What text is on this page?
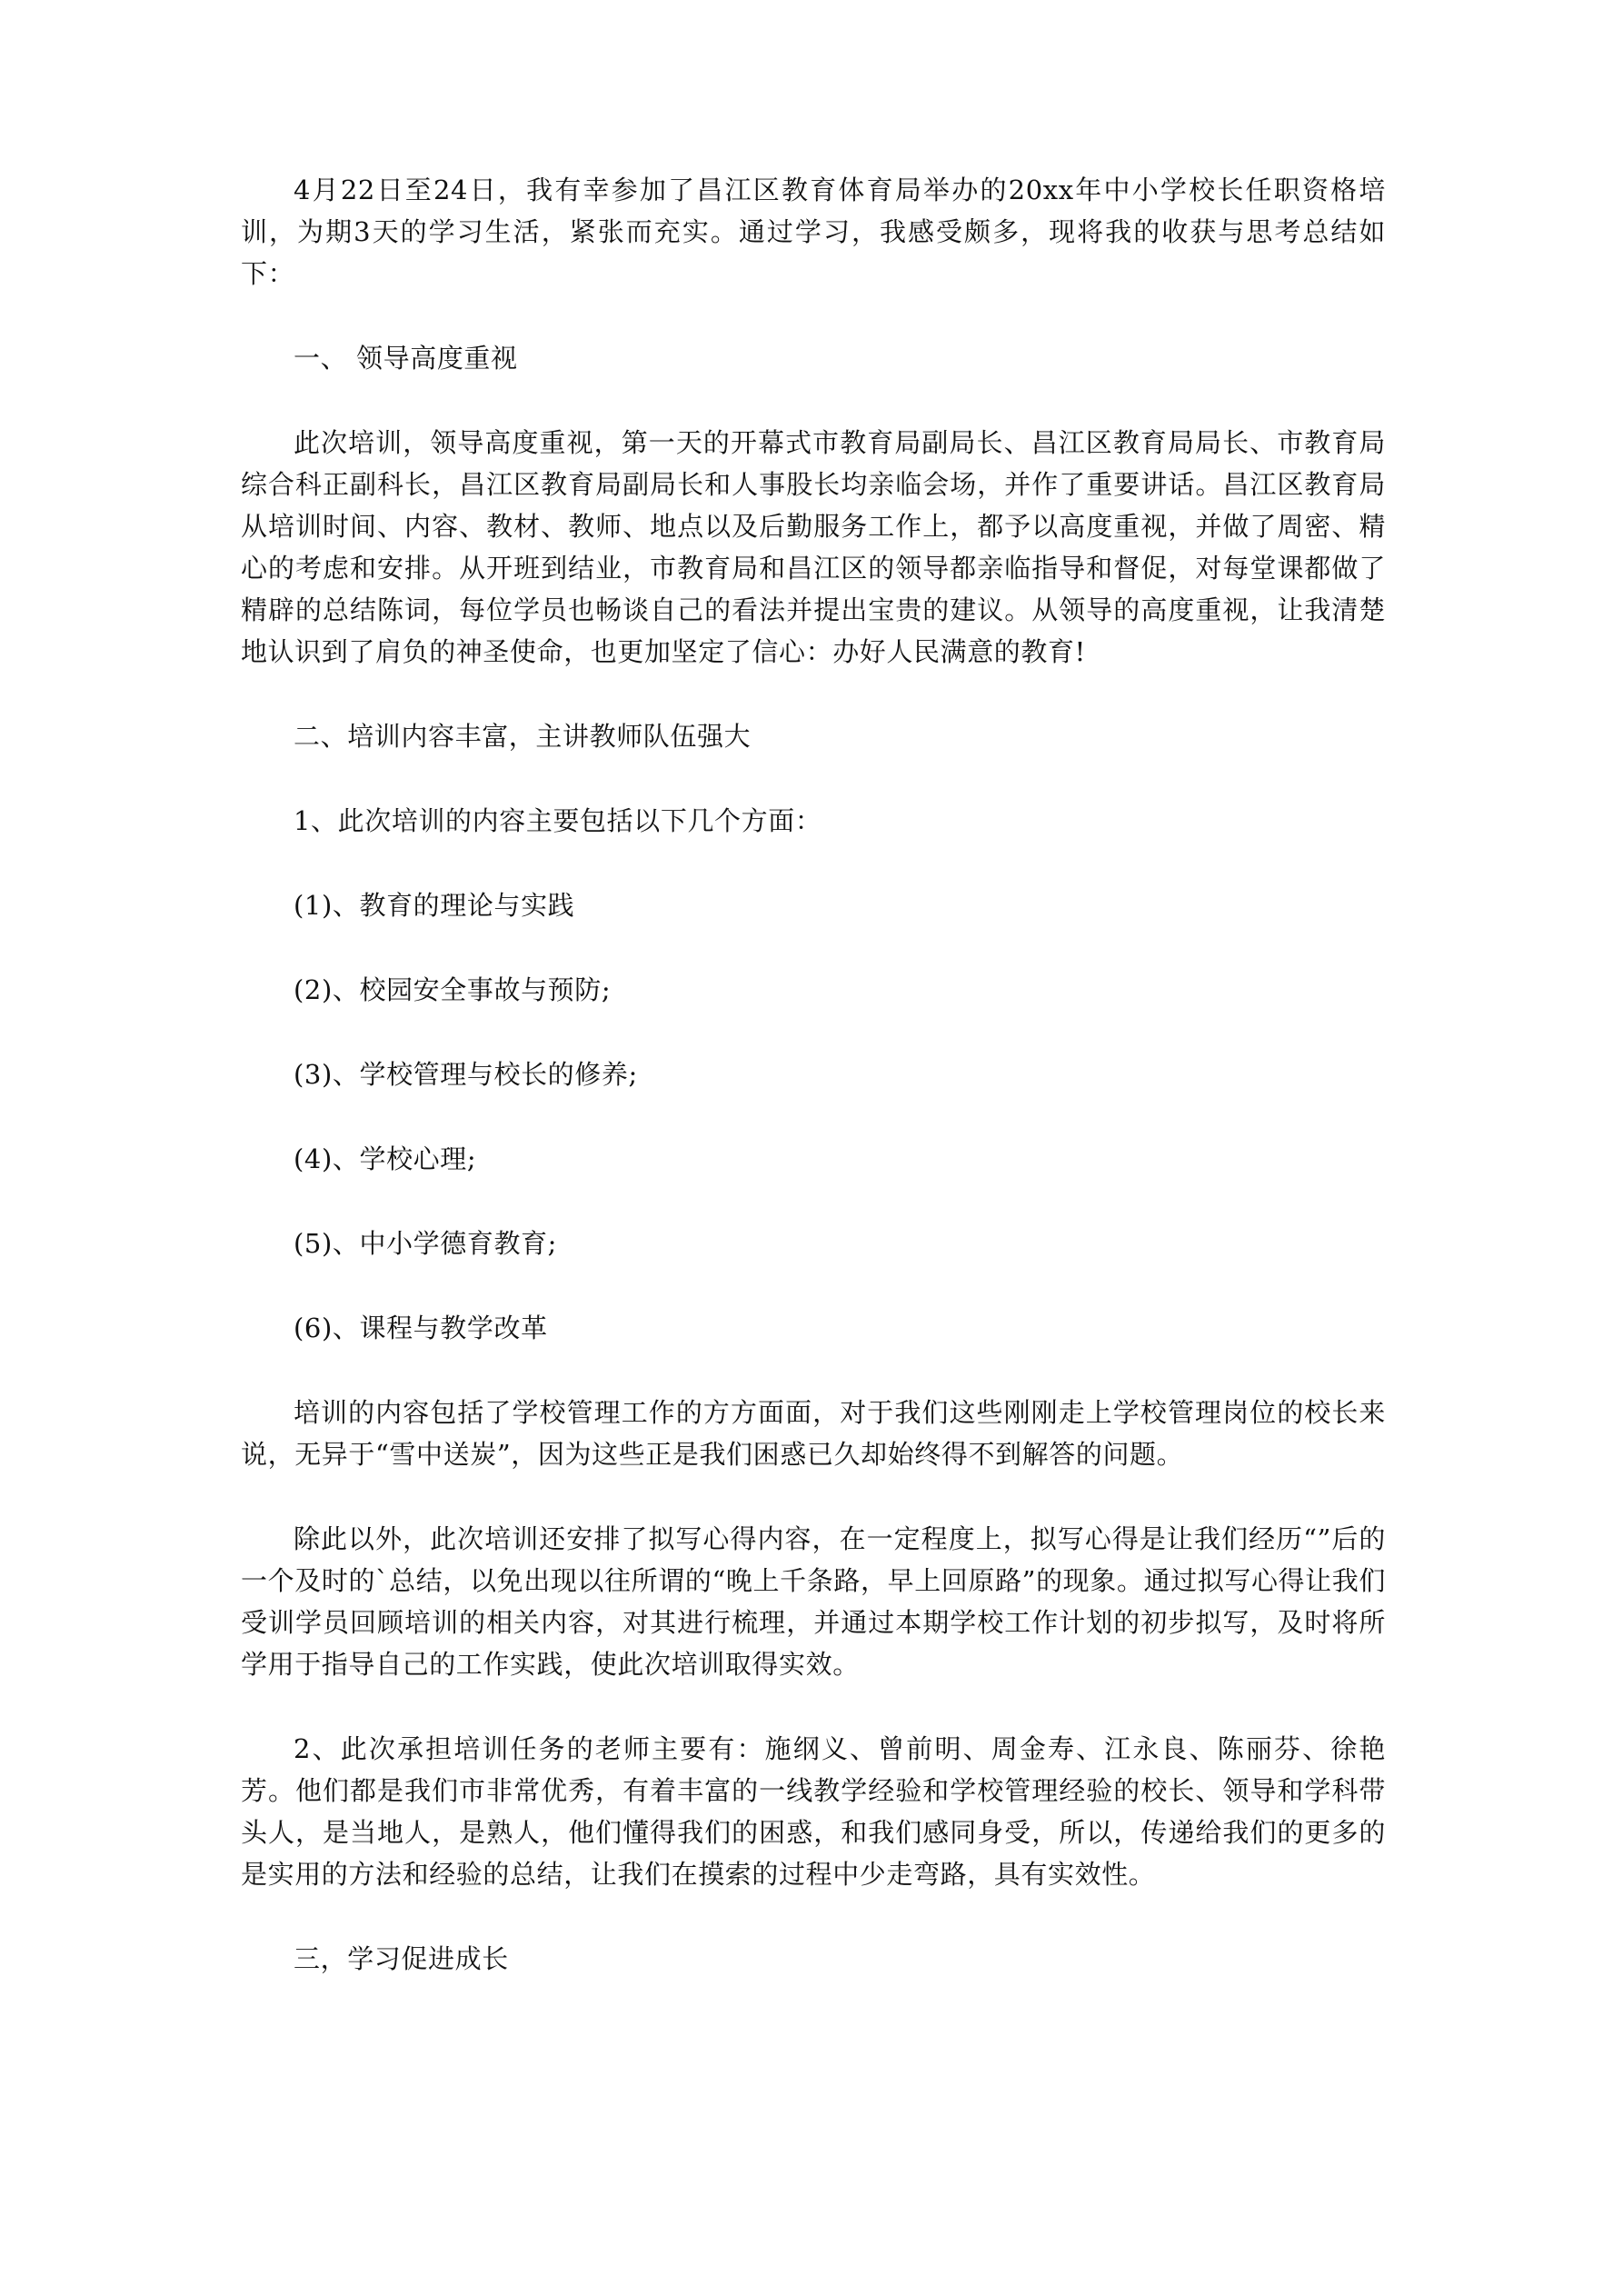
4月22日至24日，我有幸参加了昌江区教育体育局举办的20xx年中小学校长任职资格培训，为期3天的学习生活，紧张而充实。通过学习，我感受颇多，现将我的收获与思考总结如下：

一、 领导高度重视

此次培训，领导高度重视，第一天的开幕式市教育局副局长、昌江区教育局局长、市教育局综合科正副科长，昌江区教育局副局长和人事股长均亲临会场，并作了重要讲话。昌江区教育局从培训时间、内容、教材、教师、地点以及后勤服务工作上，都予以高度重视，并做了周密、精心的考虑和安排。从开班到结业，市教育局和昌江区的领导都亲临指导和督促，对每堂课都做了精辟的总结陈词，每位学员也畅谈自己的看法并提出宝贵的建议。从领导的高度重视，让我清楚地认识到了肩负的神圣使命，也更加坚定了信心：办好人民满意的教育!

二、培训内容丰富，主讲教师队伍强大

1、此次培训的内容主要包括以下几个方面：

(1)、教育的理论与实践

(2)、校园安全事故与预防;

(3)、学校管理与校长的修养;

(4)、学校心理;

(5)、中小学德育教育;

(6)、课程与教学改革

培训的内容包括了学校管理工作的方方面面，对于我们这些刚刚走上学校管理岗位的校长来说，无异于“雪中送炭”，因为这些正是我们困惑已久却始终得不到解答的问题。

除此以外，此次培训还安排了拟写心得内容，在一定程度上，拟写心得是让我们经历“”后的一个及时的`总结，以免出现以往所谓的“晚上千条路，早上回原路”的现象。通过拟写心得让我们受训学员回顾培训的相关内容，对其进行梳理，并通过本期学校工作计划的初步拟写，及时将所学用于指导自己的工作实践，使此次培训取得实效。

2、此次承担培训任务的老师主要有：施纲义、曾前明、周金寿、江永良、陈丽芬、徐艳芳。他们都是我们市非常优秀，有着丰富的一线教学经验和学校管理经验的校长、领导和学科带头人，是当地人，是熟人，他们懂得我们的困惑，和我们感同身受，所以，传递给我们的更多的是实用的方法和经验的总结，让我们在摸索的过程中少走弯路，具有实效性。

三，学习促进成长
